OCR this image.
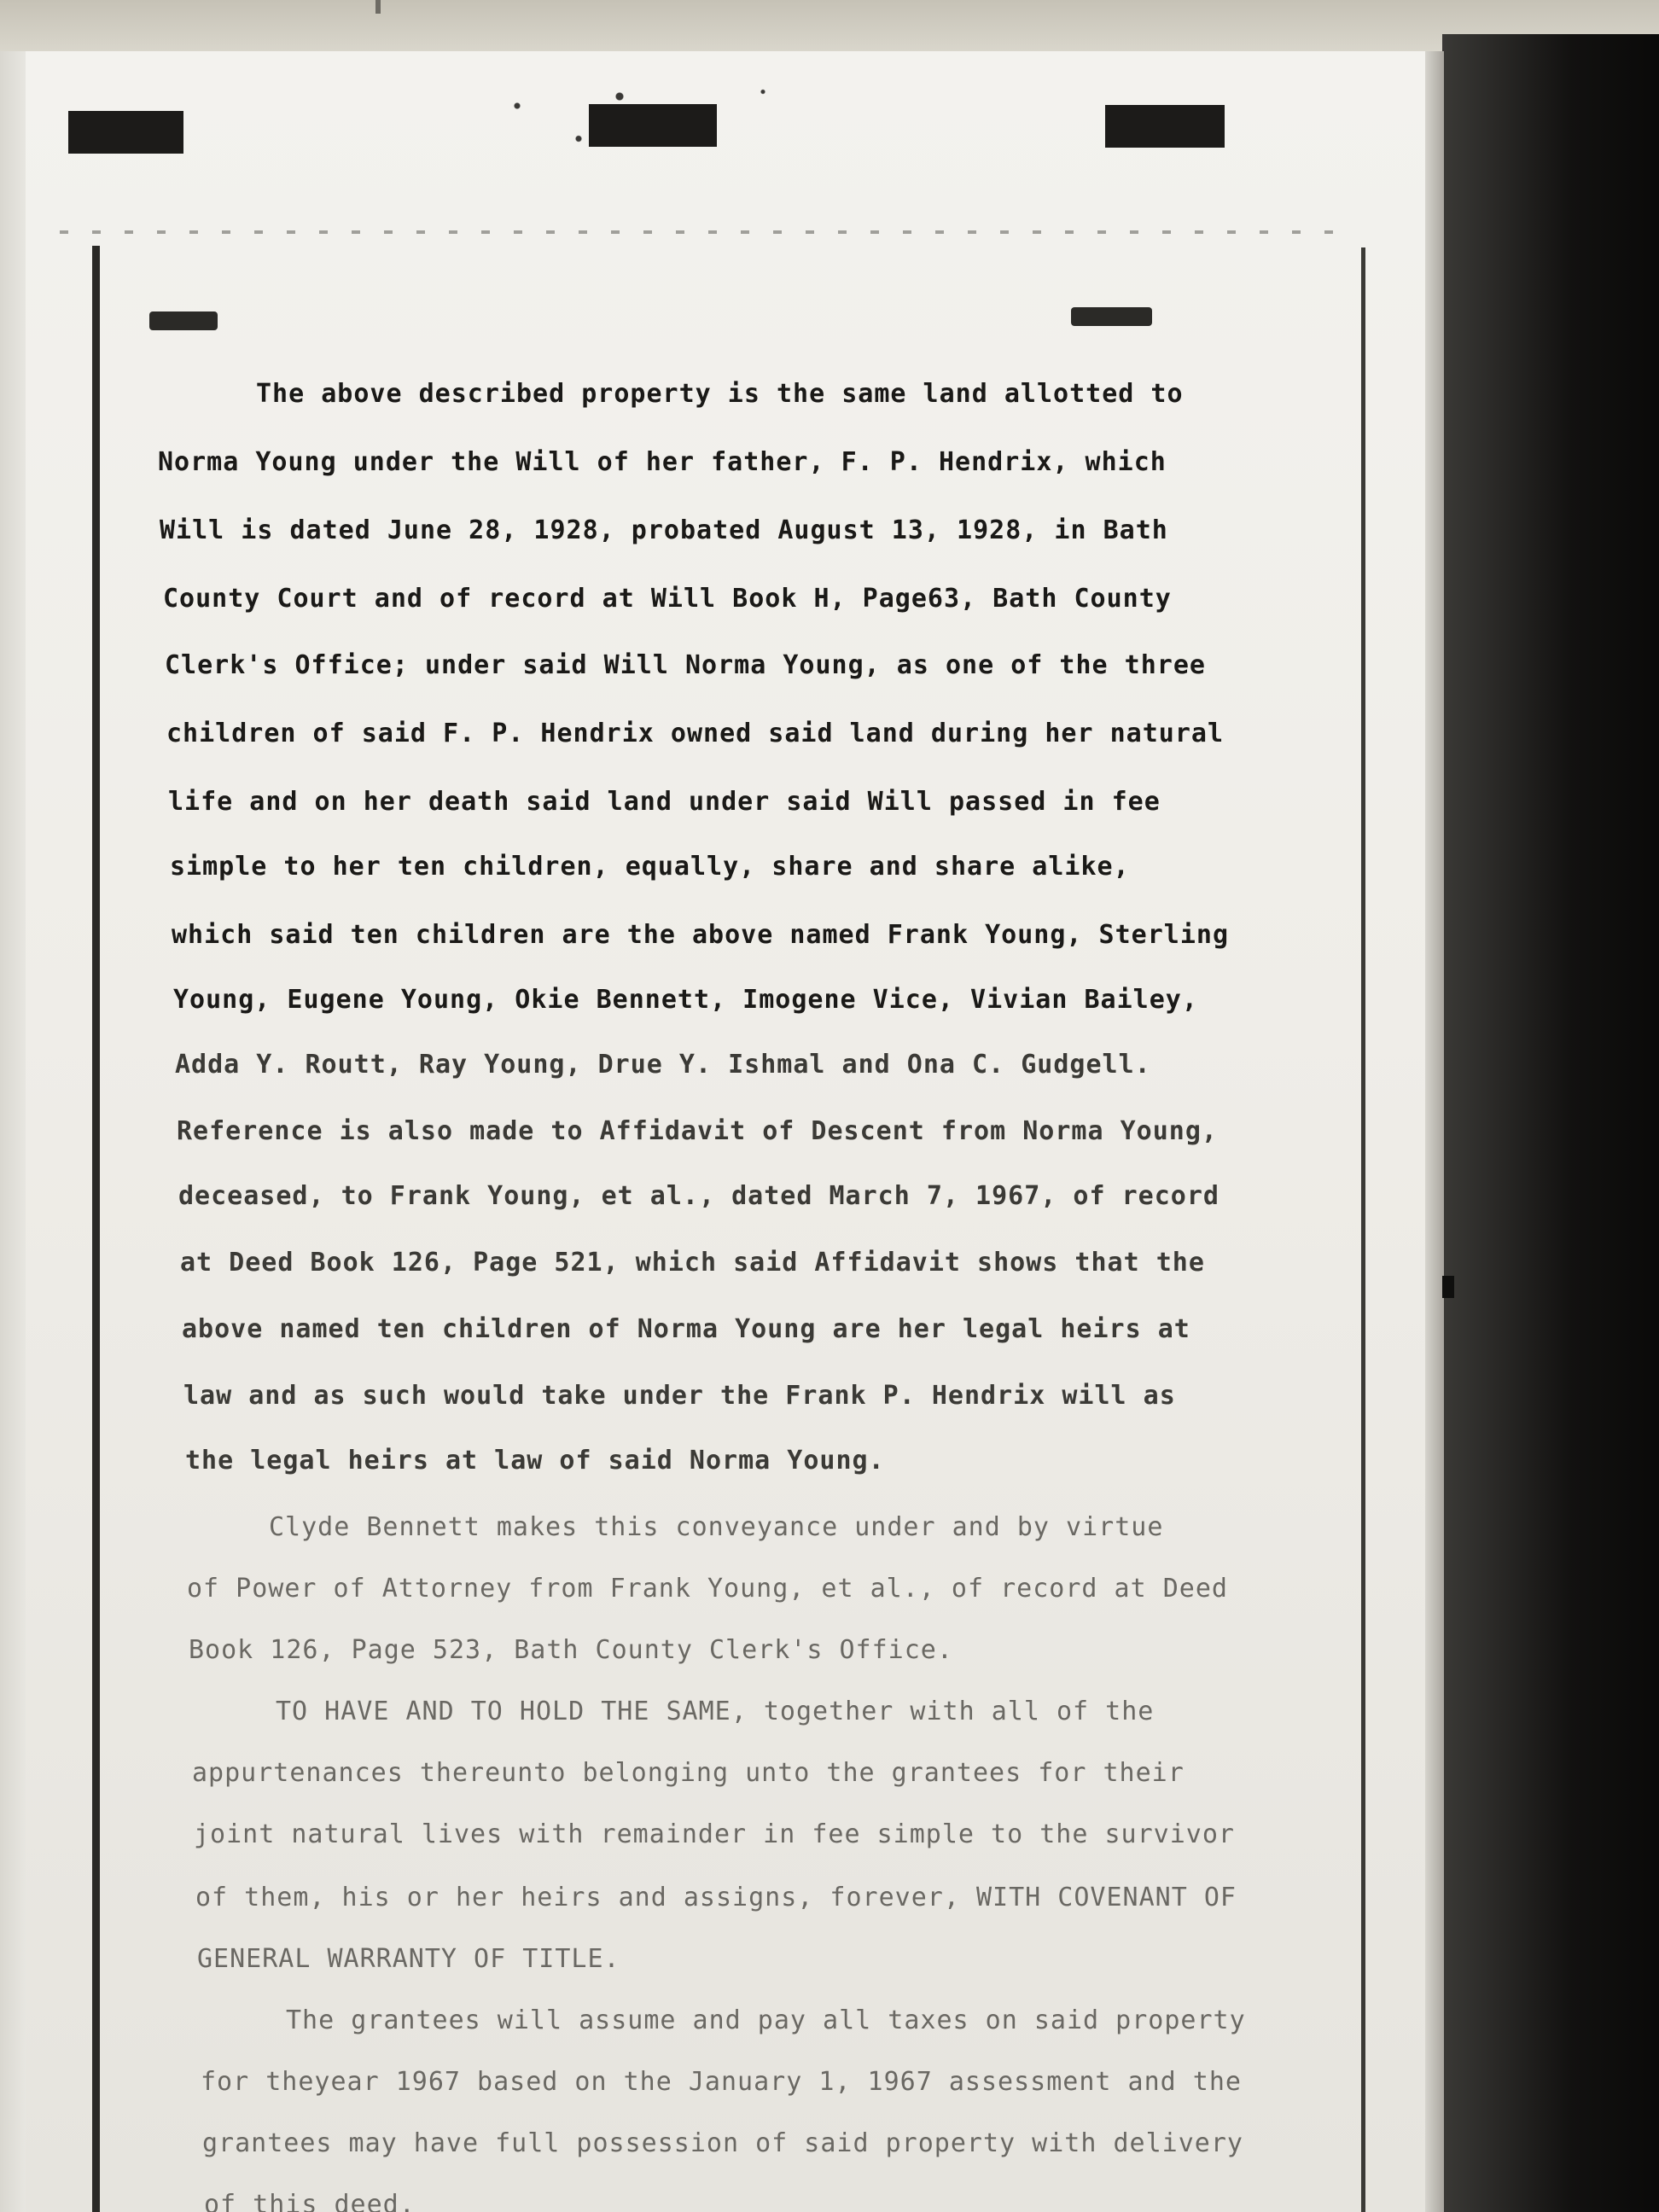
The above described property is the same land allotted to
Norma Young under the Will of her father, F. P. Hendrix, which
Will is dated June 28, 1928, probated August 13, 1928, in Bath
County Court and of record at Will Book H, Page63, Bath County
Clerk's Office; under said Will Norma Young, as one of the three
children of said F. P. Hendrix owned said land during her natural
life and on her death said land under said Will passed in fee
simple to her ten children, equally, share and share alike,
which said ten children are the above named Frank Young, Sterling
Young, Eugene Young, Okie Bennett, Imogene Vice, Vivian Bailey,
Adda Y. Routt, Ray Young, Drue Y. Ishmal and Ona C. Gudgell.
Reference is also made to Affidavit of Descent from Norma Young,
deceased, to Frank Young, et al., dated March 7, 1967, of record
at Deed Book 126, Page 521, which said Affidavit shows that the
above named ten children of Norma Young are her legal heirs at
law and as such would take under the Frank P. Hendrix will as
the legal heirs at law of said Norma Young.
Clyde Bennett makes this conveyance under and by virtue
of Power of Attorney from Frank Young, et al., of record at Deed
Book 126, Page 523, Bath County Clerk's Office.
TO HAVE AND TO HOLD THE SAME, together with all of the
appurtenances thereunto belonging unto the grantees for their
joint natural lives with remainder in fee simple to the survivor
of them, his or her heirs and assigns, forever, WITH COVENANT OF
GENERAL WARRANTY OF TITLE.
The grantees will assume and pay all taxes on said property
for theyear 1967 based on the January 1, 1967 assessment and the
grantees may have full possession of said property with delivery
of this deed.
